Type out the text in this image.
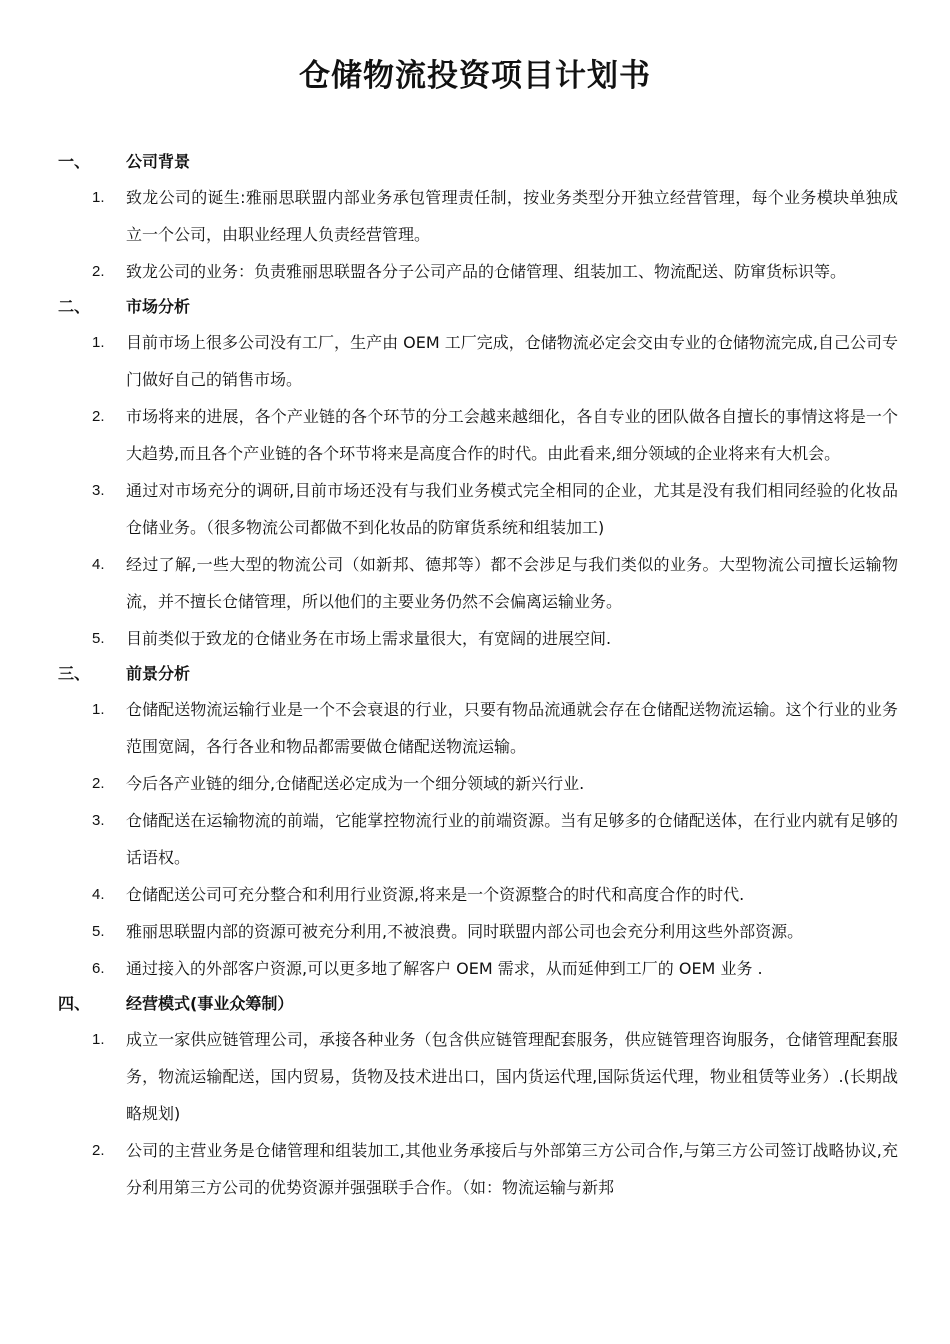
仓储物流投资项目计划书
一、 公司背景
1. 致龙公司的诞生:雅丽思联盟内部业务承包管理责任制，按业务类型分开独立经营管理，每个业务模块单独成立一个公司，由职业经理人负责经营管理。
2. 致龙公司的业务：负责雅丽思联盟各分子公司产品的仓储管理、组装加工、物流配送、防窜货标识等。
二、 市场分析
1. 目前市场上很多公司没有工厂，生产由 OEM 工厂完成，仓储物流必定会交由专业的仓储物流完成,自己公司专门做好自己的销售市场。
2. 市场将来的进展，各个产业链的各个环节的分工会越来越细化，各自专业的团队做各自擅长的事情这将是一个大趋势,而且各个产业链的各个环节将来是高度合作的时代。由此看来,细分领域的企业将来有大机会。
3. 通过对市场充分的调研,目前市场还没有与我们业务模式完全相同的企业，尤其是没有我们相同经验的化妆品仓储业务。（很多物流公司都做不到化妆品的防窜货系统和组装加工)
4. 经过了解,一些大型的物流公司（如新邦、德邦等）都不会涉足与我们类似的业务。大型物流公司擅长运输物流，并不擅长仓储管理，所以他们的主要业务仍然不会偏离运输业务。
5. 目前类似于致龙的仓储业务在市场上需求量很大，有宽阔的进展空间.
三、 前景分析
1. 仓储配送物流运输行业是一个不会衰退的行业，只要有物品流通就会存在仓储配送物流运输。这个行业的业务范围宽阔，各行各业和物品都需要做仓储配送物流运输。
2. 今后各产业链的细分,仓储配送必定成为一个细分领域的新兴行业.
3. 仓储配送在运输物流的前端，它能掌控物流行业的前端资源。当有足够多的仓储配送体，在行业内就有足够的话语权。
4. 仓储配送公司可充分整合和利用行业资源,将来是一个资源整合的时代和高度合作的时代.
5. 雅丽思联盟内部的资源可被充分利用,不被浪费。同时联盟内部公司也会充分利用这些外部资源。
6. 通过接入的外部客户资源,可以更多地了解客户 OEM 需求，从而延伸到工厂的 OEM 业务 .
四、 经营模式(事业众筹制）
1. 成立一家供应链管理公司，承接各种业务（包含供应链管理配套服务，供应链管理咨询服务，仓储管理配套服务，物流运输配送，国内贸易，货物及技术进出口，国内货运代理,国际货运代理，物业租赁等业务）.(长期战略规划)
2. 公司的主营业务是仓储管理和组装加工,其他业务承接后与外部第三方公司合作,与第三方公司签订战略协议,充分利用第三方公司的优势资源并强强联手合作。（如：物流运输与新邦
